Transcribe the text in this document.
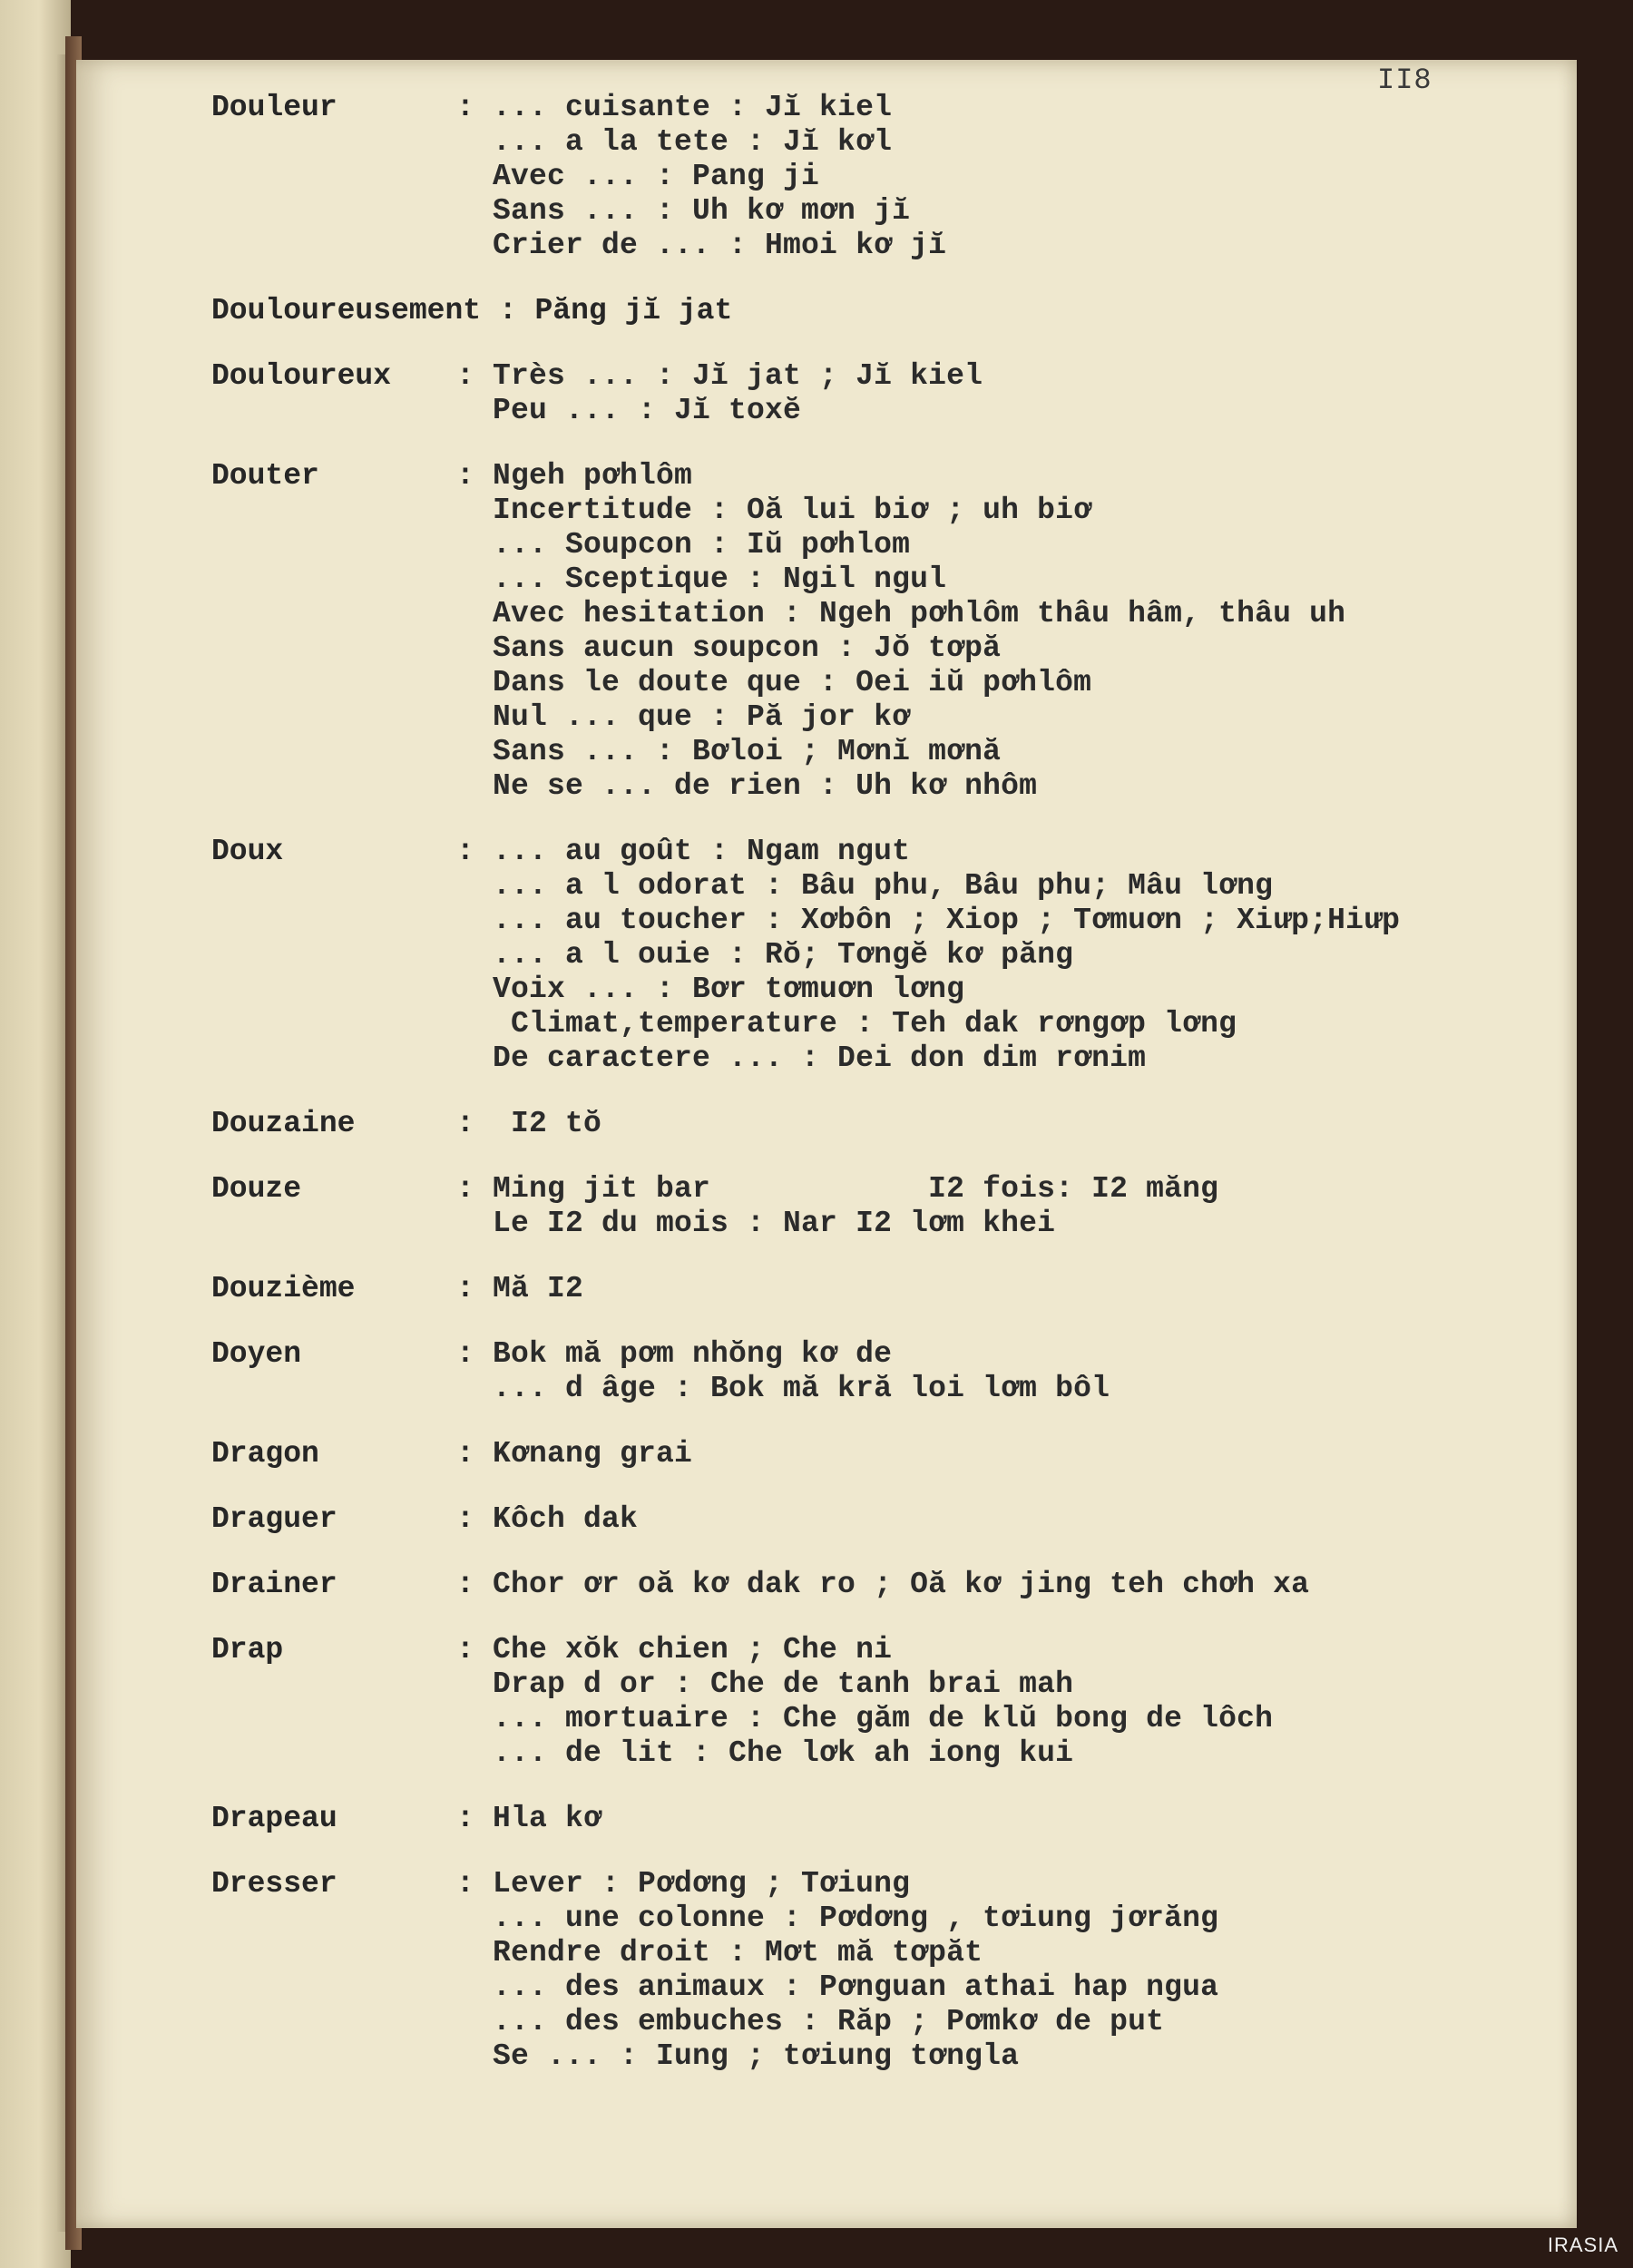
II8
Douleur	: ... cuisante : Jĭ kiel
... a la tete : Jĭ kơl
Avec ... : Pang ji
Sans ... : Uh kơ mơn jĭ
Crier de ... : Hmoi kơ jĭ
Douloureusement : Păng jĭ jat
Douloureux	: Très ... : Jĭ jat ; Jĭ kiel
Peu ... : Jĭ toxĕ
Douter	: Ngeh pơhlôm
Incertitude : Oă lui biơ ; uh biơ
... Soupcon : Iŭ pơhlom
... Sceptique : Ngil ngul
Avec hesitation : Ngeh pơhlôm thâu hâm, thâu uh
Sans aucun soupcon : Jŏ tơpă
Dans le doute que : Oei iŭ pơhlôm
Nul ... que : Pă jor kơ
Sans ... : Bơloi ; Mơnĭ mơnă
Ne se ... de rien : Uh kơ nhôm
Doux	: ... au goût : Ngam ngut
... a l odorat : Bâu phu, Bâu phu; Mâu lơng
... au toucher : Xơbôn ; Xiop ; Tơmuơn ; Xiưp;Hiưp
... a l ouie : Rŏ; Tơngĕ kơ păng
Voix ... : Bơr tơmuơn lơng
Climat,temperature : Teh dak rơngơp lơng
De caractere ... : Dei don dim rơnim
Douzaine	: I2 tŏ
Douze	: Ming jit bar            I2 fois: I2 măng
Le I2 du mois : Nar I2 lơm khei
Douzième	: Mă I2
Doyen	: Bok mă pơm nhŏng kơ de
... d âge : Bok mă kră loi lơm bôl
Dragon	: Kơnang grai
Draguer	: Kôch dak
Drainer	: Chor ơr oă kơ dak ro ; Oă kơ jing teh chơh xa
Drap	: Che xŏk chien ; Che ni
Drap d or : Che de tanh brai mah
... mortuaire : Che găm de klŭ bong de lôch
... de lit : Che lơk ah iong kui
Drapeau	: Hla kơ
Dresser	: Lever : Pơdơng ; Tơiung
... une colonne : Pơdơng , tơiung jơrăng
Rendre droit : Mơt mă tơpăt
... des animaux : Pơnguan athai hap ngua
... des embuches : Răp ; Pơmkơ de put
Se ... : Iung ; tơiung tơngla
IRASIA
